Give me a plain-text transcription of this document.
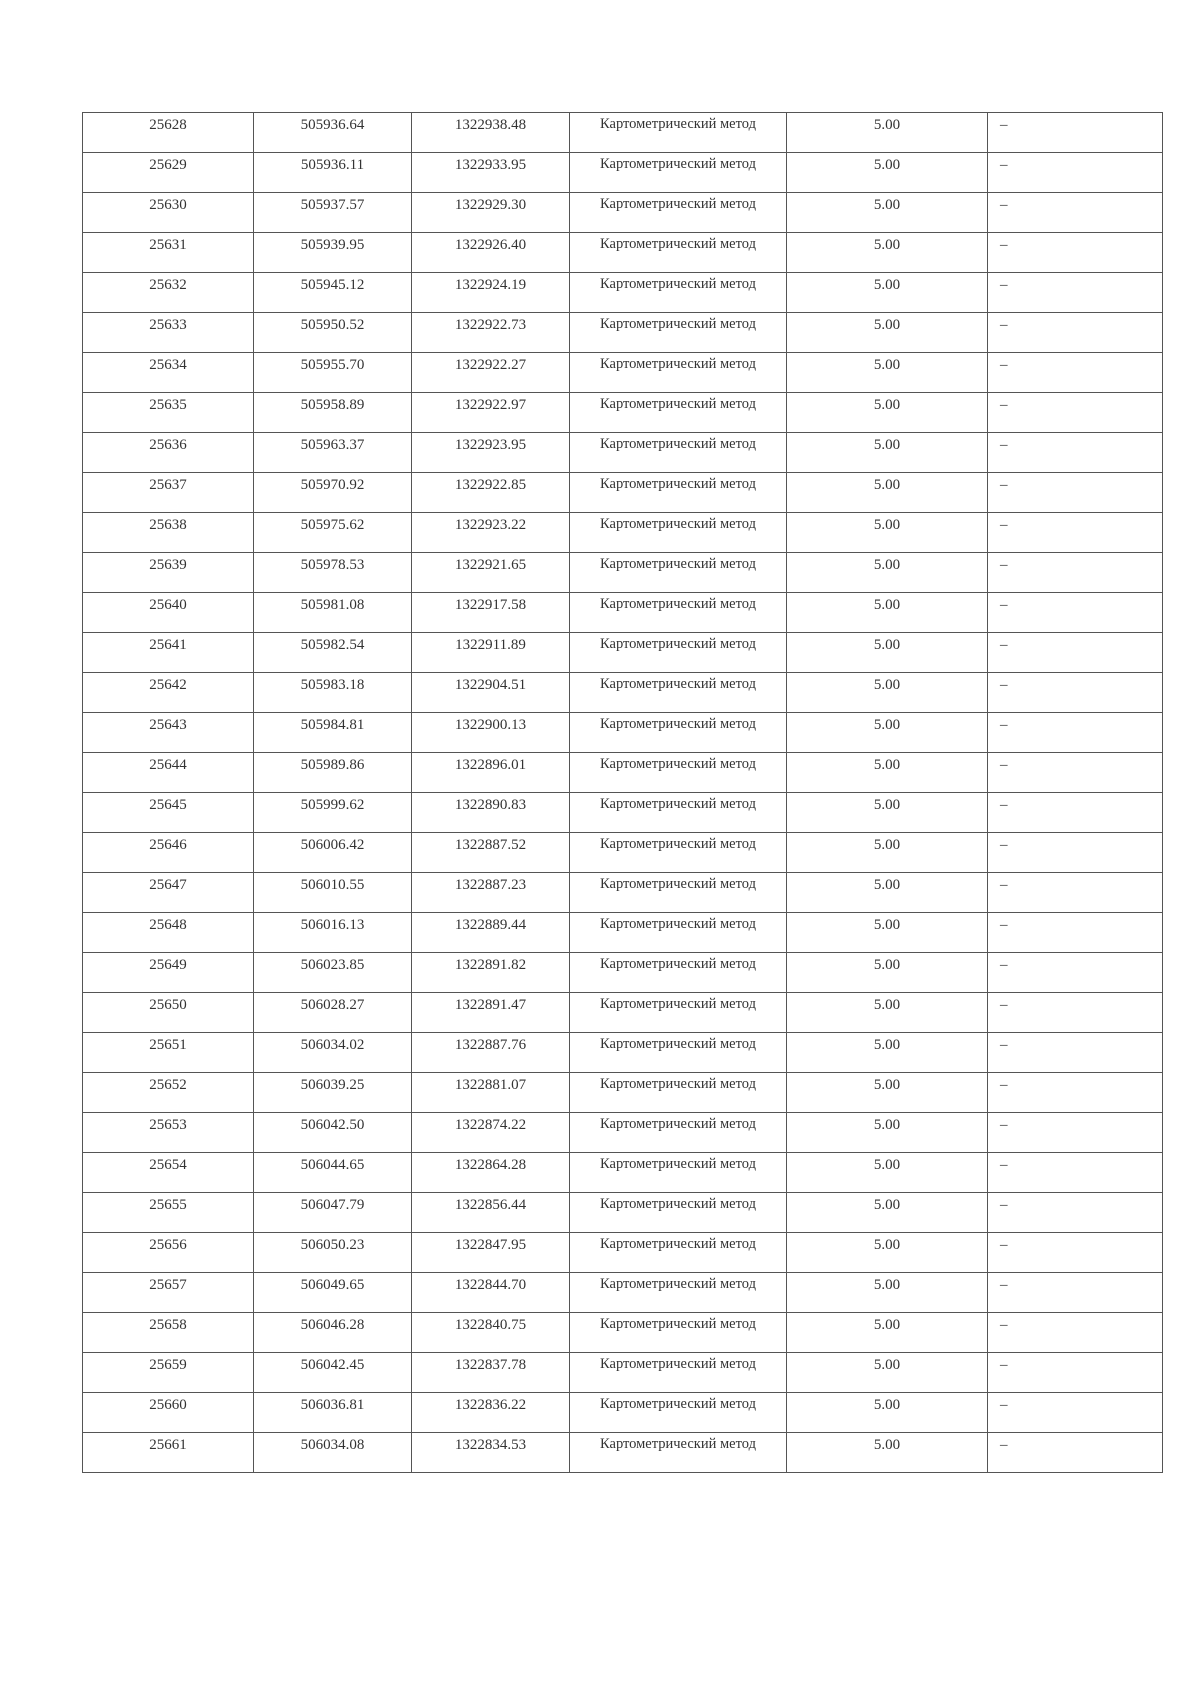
25628	505936.64	1322938.48	Картометрический метод	5.00	–
25629	505936.11	1322933.95	Картометрический метод	5.00	–
25630	505937.57	1322929.30	Картометрический метод	5.00	–
25631	505939.95	1322926.40	Картометрический метод	5.00	–
25632	505945.12	1322924.19	Картометрический метод	5.00	–
25633	505950.52	1322922.73	Картометрический метод	5.00	–
25634	505955.70	1322922.27	Картометрический метод	5.00	–
25635	505958.89	1322922.97	Картометрический метод	5.00	–
25636	505963.37	1322923.95	Картометрический метод	5.00	–
25637	505970.92	1322922.85	Картометрический метод	5.00	–
25638	505975.62	1322923.22	Картометрический метод	5.00	–
25639	505978.53	1322921.65	Картометрический метод	5.00	–
25640	505981.08	1322917.58	Картометрический метод	5.00	–
25641	505982.54	1322911.89	Картометрический метод	5.00	–
25642	505983.18	1322904.51	Картометрический метод	5.00	–
25643	505984.81	1322900.13	Картометрический метод	5.00	–
25644	505989.86	1322896.01	Картометрический метод	5.00	–
25645	505999.62	1322890.83	Картометрический метод	5.00	–
25646	506006.42	1322887.52	Картометрический метод	5.00	–
25647	506010.55	1322887.23	Картометрический метод	5.00	–
25648	506016.13	1322889.44	Картометрический метод	5.00	–
25649	506023.85	1322891.82	Картометрический метод	5.00	–
25650	506028.27	1322891.47	Картометрический метод	5.00	–
25651	506034.02	1322887.76	Картометрический метод	5.00	–
25652	506039.25	1322881.07	Картометрический метод	5.00	–
25653	506042.50	1322874.22	Картометрический метод	5.00	–
25654	506044.65	1322864.28	Картометрический метод	5.00	–
25655	506047.79	1322856.44	Картометрический метод	5.00	–
25656	506050.23	1322847.95	Картометрический метод	5.00	–
25657	506049.65	1322844.70	Картометрический метод	5.00	–
25658	506046.28	1322840.75	Картометрический метод	5.00	–
25659	506042.45	1322837.78	Картометрический метод	5.00	–
25660	506036.81	1322836.22	Картометрический метод	5.00	–
25661	506034.08	1322834.53	Картометрический метод	5.00	–
